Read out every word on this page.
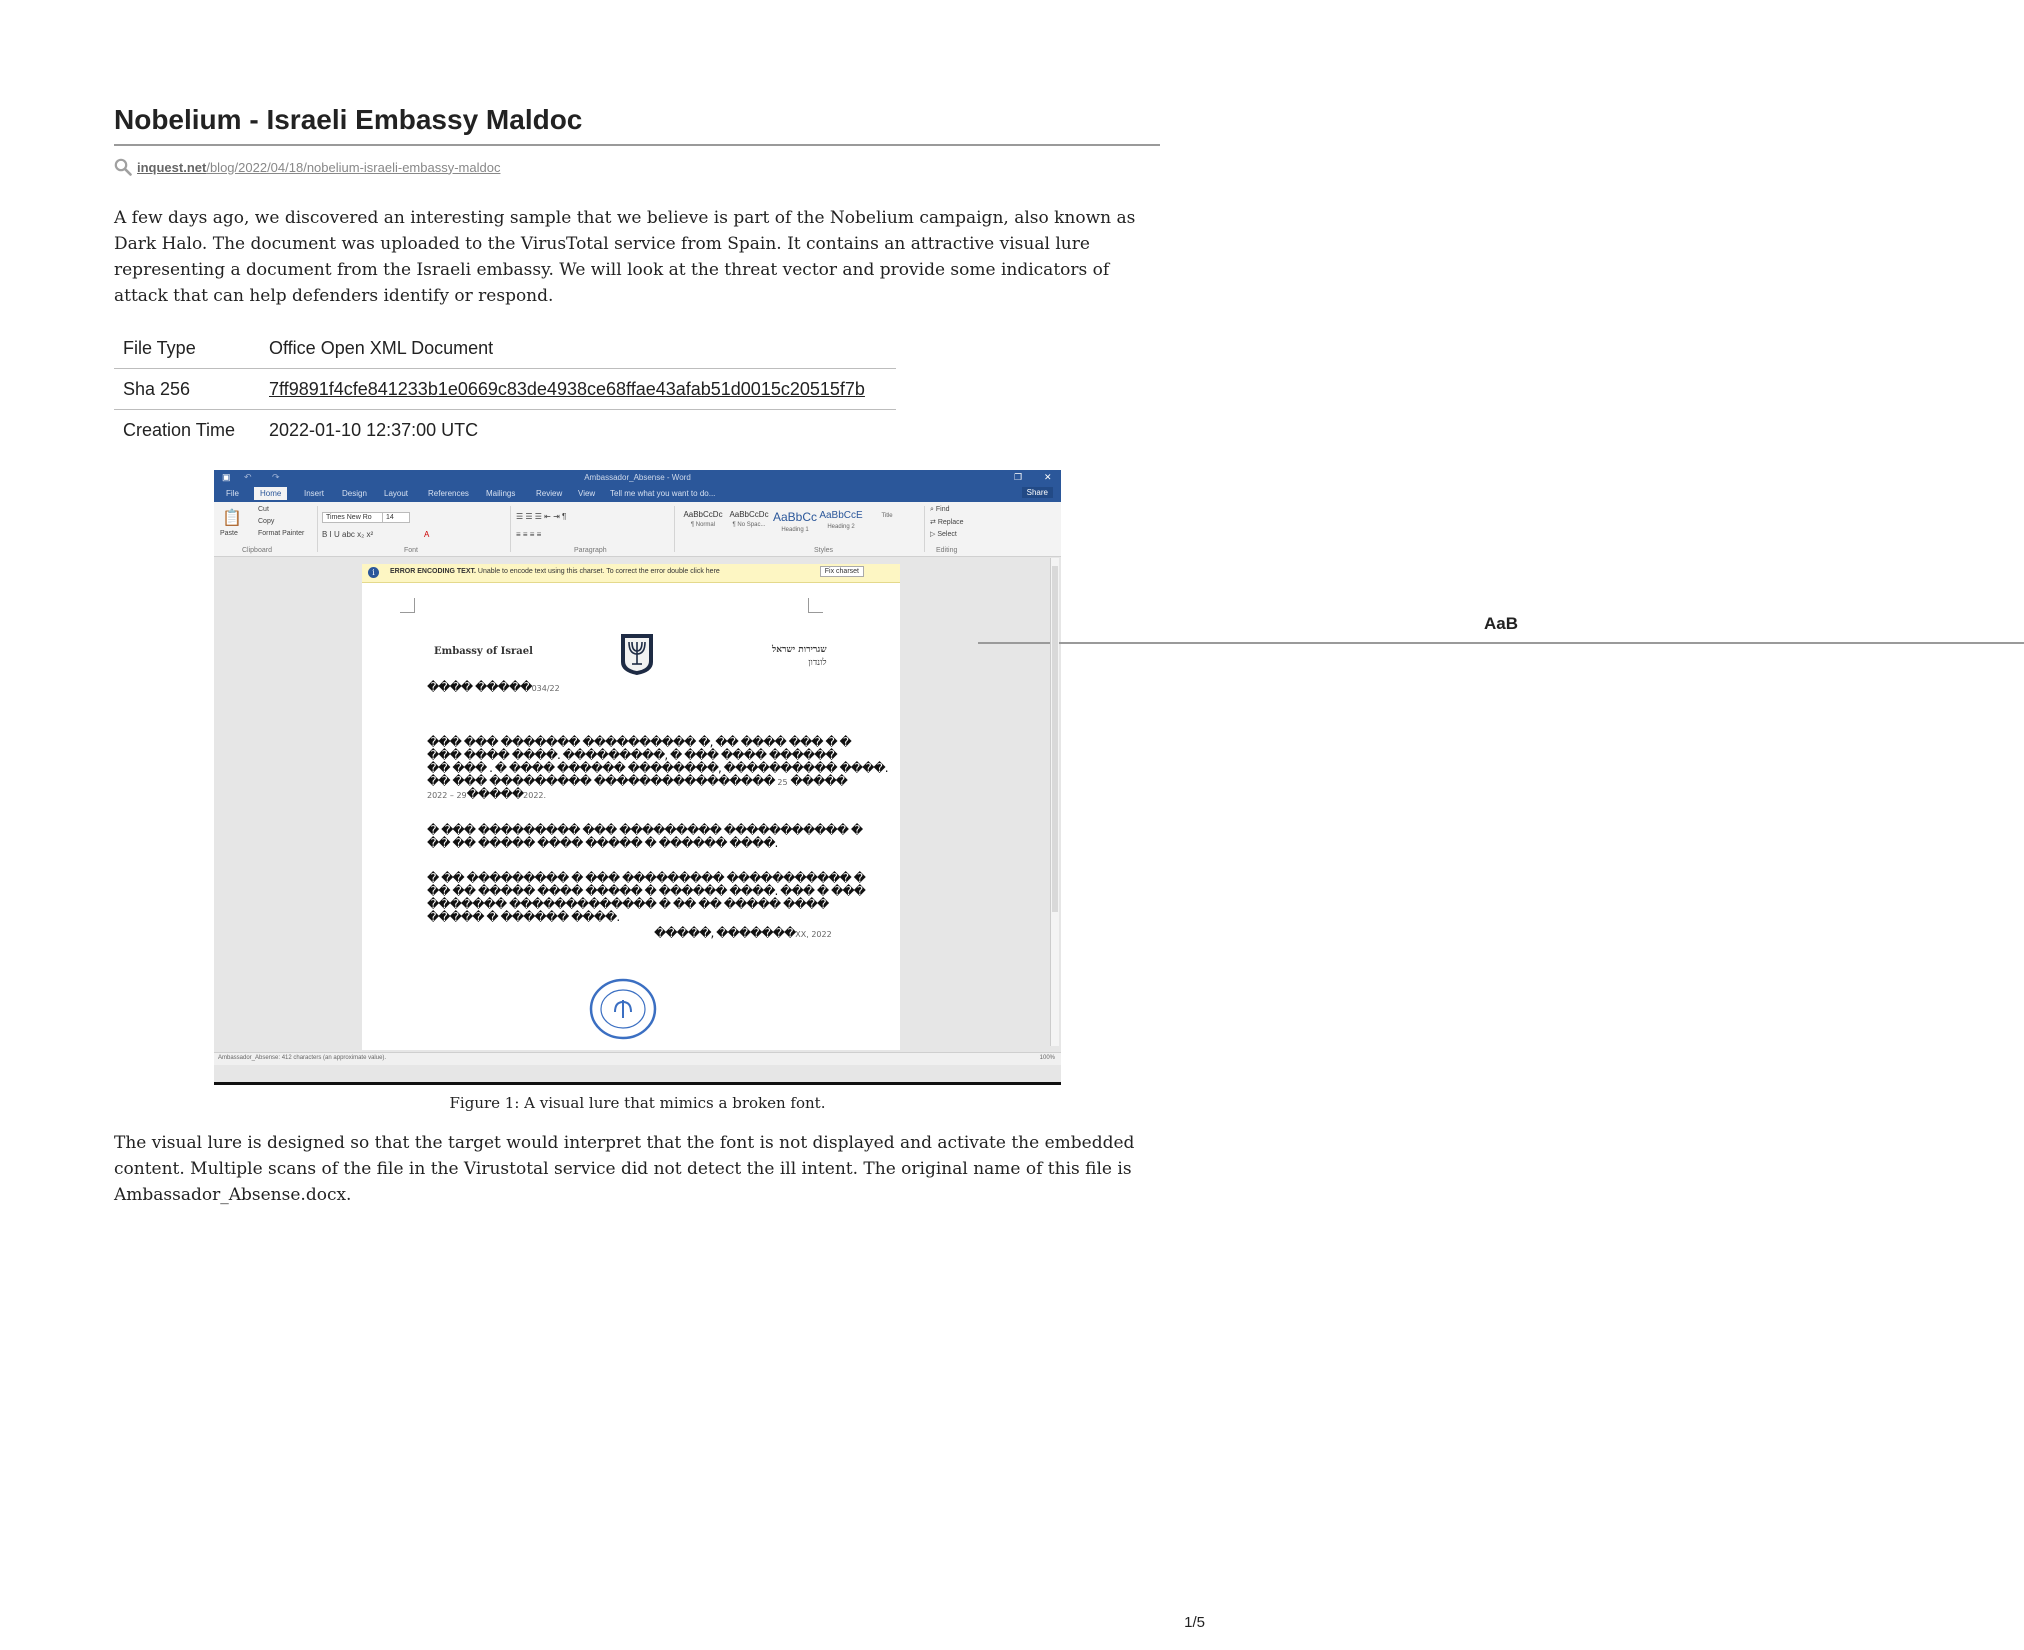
Nobelium - Israeli Embassy Maldoc
inquest.net /blog/2022/04/18/nobelium-israeli-embassy-maldoc

A few days ago, we discovered an interesting sample that we believe is part of the Nobelium campaign, also known as Dark Halo. The document was uploaded to the VirusTotal service from Spain. It contains an attractive visual lure representing a document from the Israeli embassy. We will look at the threat vector and provide some indicators of attack that can help defenders identify or respond.

File Type	Office Open XML Document
Sha 256	7ff9891f4cfe841233b1e0669c83de4938ce68ffae43afab51d0015c20515f7b
Creation Time	2022-01-10 12:37:00 UTC
▣ ↶ ↷	Ambassador_Absense - Word	❐ ✕
File	Home	Insert Design Layout References Mailings	Review View Tell me what you want to do...	Share
📋
Paste
Cut
Copy
Format Painter
Clipboard
Times New Ro	14
B I U abc x₂ x²	A
Font
☰ ☰ ☰ ⇤ ⇥ ¶
≡ ≡ ≡ ≡
Paragraph
AaBbCcDc
¶ Normal
AaBbCcDc
¶ No Spac...
AaBbCc
Heading 1
AaBbCcE
Heading 2
AaB
Title
Styles
⌕ Find
⇄ Replace
▷ Select
Editing
i	ERROR ENCODING TEXT. Unable to encode text using this charset. To correct the error double click here	Fix charset
Embassy of Israel	שגרירות ישראל
לונדון
���� �����034/22
��� ��� ������� ���������� �, �� ���� ��� � �
��� ���� ����. ���������, � ��� ���� ������
�� ��� . � ���� ������ ��������, ���������� ����.
�� ��� ��������� ���������������� 25 �����
2022 – 29�����2022.
� ��� ��������� ��� ��������� ����������� �
�� �� ����� ���� ����� � ������ ����.
� �� ��������� � ��� ��������� ����������� �
�� �� ����� ���� ����� � ������ ����. ��� � ���
������� ������������� � �� �� ����� ����
����� � ������ ����.
�����, �������XX, 2022
Ambassador_Absense: 412 characters (an approximate value).	100%
Figure 1: A visual lure that mimics a broken font.

The visual lure is designed so that the target would interpret that the font is not displayed and activate the embedded content. Multiple scans of the file in the Virustotal service did not detect the ill intent. The original name of this file is Ambassador_Absense.docx.

1/5
